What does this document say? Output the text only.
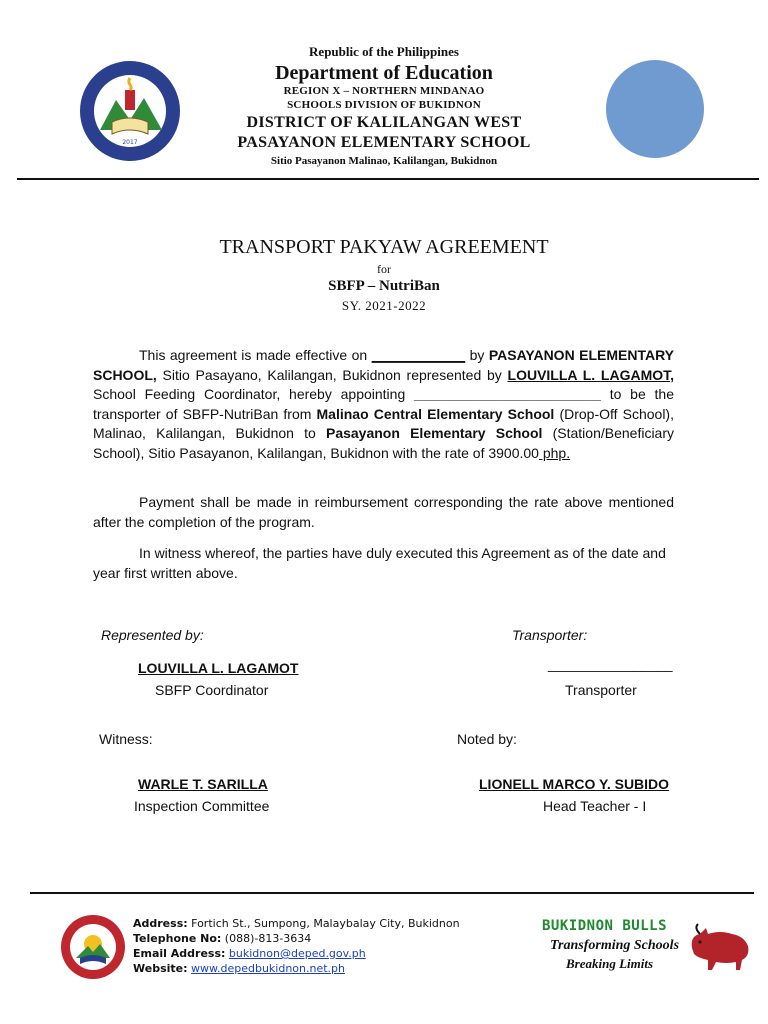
2017
Republic of the Philippines
Department of Education
REGION X – NORTHERN MINDANAO
SCHOOLS DIVISION OF BUKIDNON
DISTRICT OF KALILANGAN WEST
PASAYANON ELEMENTARY SCHOOL
Sitio Pasayanon Malinao, Kalilangan, Bukidnon
TRANSPORT PAKYAW AGREEMENT
for
SBFP – NutriBan
SY. 2021-2022
This agreement is made effective on ____________ by PASAYANON ELEMENTARY SCHOOL, Sitio Pasayano, Kalilangan, Bukidnon represented by LOUVILLA L. LAGAMOT, School Feeding Coordinator, hereby appointing ________________________ to be the transporter of SBFP-NutriBan from Malinao Central Elementary School (Drop-Off School), Malinao, Kalilangan, Bukidnon to Pasayanon Elementary School (Station/Beneficiary School), Sitio Pasayanon, Kalilangan, Bukidnon with the rate of 3900.00 php.
Payment shall be made in reimbursement corresponding the rate above mentioned after the completion of the program.
In witness whereof, the parties have duly executed this Agreement as of the date and year first written above.
Represented by:	Transporter:
LOUVILLA L. LAGAMOT
SBFP Coordinator
________________
Transporter
Witness:	Noted by:
WARLE T. SARILLA
Inspection Committee
LIONELL MARCO Y. SUBIDO
Head Teacher - I
Address: Fortich St., Sumpong, Malaybalay City, Bukidnon
Telephone No: (088)-813-3634
Email Address: bukidnon@deped.gov.ph
Website: www.depedbukidnon.net.ph
BUKIDNON BULLS
Transforming Schools
Breaking Limits
